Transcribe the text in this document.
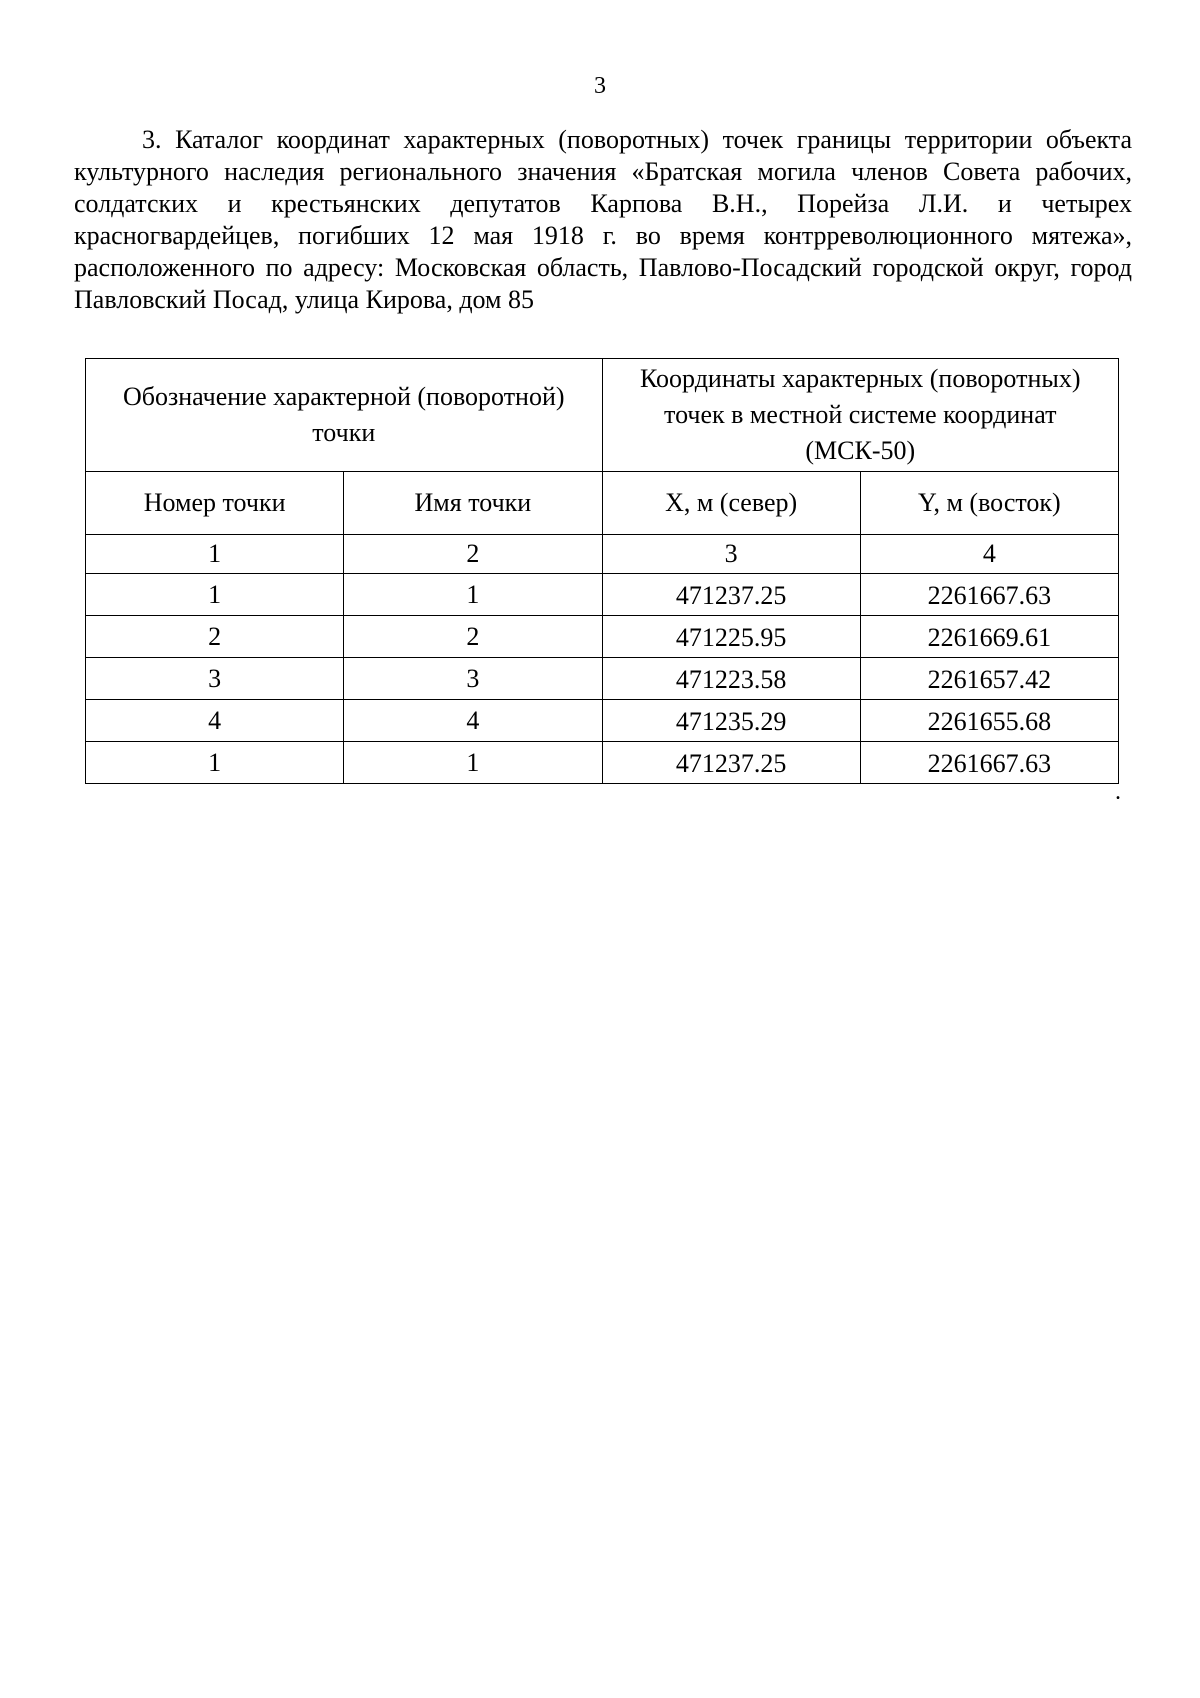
3

3. Каталог координат характерных (поворотных) точек границы территории объекта культурного наследия регионального значения «Братская могила членов Совета рабочих, солдатских и крестьянских депутатов Карпова В.Н., Порейза Л.И. и четырех красногвардейцев, погибших 12 мая 1918 г. во время контрреволюционного мятежа», расположенного по адресу: Московская область, Павлово-Посадский городской округ, город Павловский Посад, улица Кирова, дом 85

Обозначение характерной (поворотной) точки		Координаты характерных (поворотных) точек в местной системе координат (МСК-50)	
Номер точки	Имя точки	X, м (север)	Y, м (восток)
1	2	3	4
1	1	471237.25	2261667.63
2	2	471225.95	2261669.61
3	3	471223.58	2261657.42
4	4	471235.29	2261655.68
1	1	471237.25	2261667.63
.
